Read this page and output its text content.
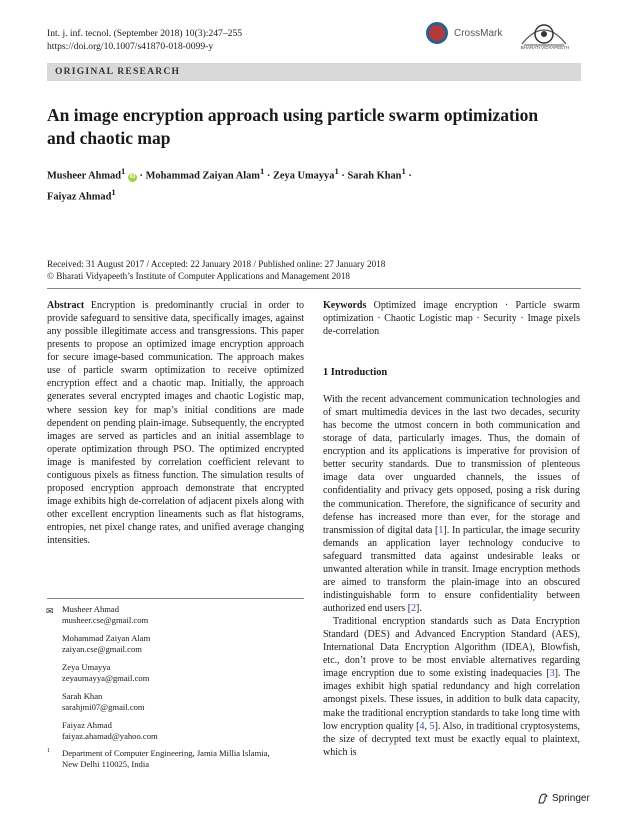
Int. j. inf. tecnol. (September 2018) 10(3):247–255
https://doi.org/10.1007/s41870-018-0099-y
CrossMark
BHARATI VIDYAPEETH
ORIGINAL RESEARCH
An image encryption approach using particle swarm optimization and chaotic map
Musheer Ahmad$^1$ iD · Mohammad Zaiyan Alam$^1$ · Zeya Umayya$^1$ · Sarah Khan$^1$ ·
Faiyaz Ahmad$^1$
Received: 31 August 2017 / Accepted: 22 January 2018 / Published online: 27 January 2018
© Bharati Vidyapeeth’s Institute of Computer Applications and Management 2018
Abstract Encryption is predominantly crucial in order to provide safeguard to sensitive data, specifically images, against any possible illegitimate access and transgressions. This paper presents to propose an optimized image encryption approach for secure image-based communication. The approach makes use of particle swarm optimization to receive optimized encryption effect and a chaotic map. Initially, the approach generates several encrypted images and chaotic Logistic map, where session key for map’s initial conditions are made dependent on pending plain-image. Subsequently, the encrypted images are served as particles and an initial assemblage to operate optimization through PSO. The optimized encrypted image is manifested by correlation coefficient relevant to contiguous pixels as fitness function. The simulation results of proposed encryption approach demonstrate that encrypted image exhibits high de-correlation of adjacent pixels along with other excellent encryption lineaments such as flat histograms, entropies, net pixel change rates, and unified average changing intensities.
Keywords Optimized image encryption · Particle swarm optimization · Chaotic Logistic map · Security · Image pixels de-correlation
1 Introduction

With the recent advancement communication technologies and of smart multimedia devices in the last two decades, security has become the utmost concern in both communication and storage of data, particularly images. Thus, the domain of encryption and its applications is imperative for provision of better security standards. Due to transmission of plenteous image data over unguarded channels, the issues of confidentiality and privacy gets opposed, posing a risk during the communication. Therefore, the significance of security and defense has increased more than ever, for the storage and transmission of digital data [1]. In particular, the image security demands an application layer technology conducive to safeguard transmitted data against undesirable leaks or unwanted alteration while in transit. Image encryption methods are aimed to transform the plain-image into an obscured indistinguishable form to ensure confidentiality between authorized end users [2].

Traditional encryption standards such as Data Encryption Standard (DES) and Advanced Encryption Standard (AES), International Data Encryption Algorithm (IDEA), Blowfish, etc., don’t prove to be most enviable alternatives regarding image encryption due to some existing inadequacies [3]. The images exhibit high spatial redundancy and high correlation amongst pixels. These issues, in addition to bulk data capacity, make the traditional encryption standards to take long time with low encryption quality [4, 5]. Also, in traditional cryptosystems, the size of decrypted text must be exactly equal to plaintext, which is

✉ Musheer Ahmad
musheer.cse@gmail.com
Mohammad Zaiyan Alam
zaiyan.cse@gmail.com
Zeya Umayya
zeyaumayya@gmail.com
Sarah Khan
sarahjmi07@gmail.com
Faiyaz Ahmad
faiyaz.ahamad@yahoo.com
1	Department of Computer Engineering, Jamia Millia Islamia,
New Delhi 110025, India
Springer
